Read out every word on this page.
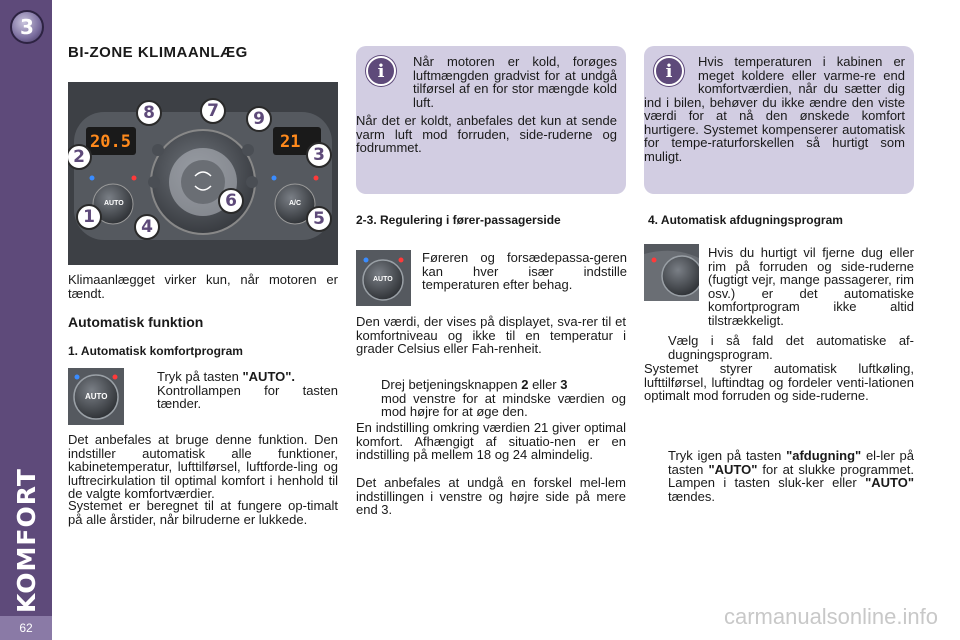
3
KOMFORT
62
BI-ZONE KLIMAANLÆG
20.5	21
AUTO	A/C
8	7	9
2	3
1	4
6
5
Klimaanlægget virker kun, når motoren er tændt.
Automatisk funktion
1. Automatisk komfortprogram
AUTO
Tryk på tasten "AUTO".
Kontrollampen for tasten tænder.
Det anbefales at bruge denne funktion. Den indstiller automatisk alle funktioner, kabinetemperatur, lufttilførsel, luftforde-ling og luftrecirkulation til optimal komfort i henhold til de valgte komfortværdier.
Systemet er beregnet til at fungere op-timalt på alle årstider, når bilruderne er lukkede.
i	Når motoren er kold, forøges luftmængden gradvist for at undgå tilførsel af en for stor mængde kold luft.
Når det er koldt, anbefales det kun at sende varm luft mod forruden, side-ruderne og fodrummet.
2-3. Regulering i fører-passagerside
AUTO
Føreren og forsædepassa-geren kan hver især indstille temperaturen efter behag.
Den værdi, der vises på displayet, sva-rer til et komfortniveau og ikke til en temperatur i grader Celsius eller Fah-renheit.
Drej betjeningsknappen 2 eller 3
mod venstre for at mindske værdien og mod højre for at øge den.
En indstilling omkring værdien 21 giver optimal komfort. Afhængigt af situatio-nen er en indstilling på mellem 18 og 24 almindelig.
Det anbefales at undgå en forskel mel-lem indstillingen i venstre og højre side på mere end 3.
i	Hvis temperaturen i kabinen er meget koldere eller varme-re end komfortværdien, når du sætter dig ind i bilen, behøver du ikke ændre den viste værdi for at nå den ønskede komfort hurtigere. Systemet kompenserer automatisk for tempe-raturforskellen så hurtigt som muligt.
4. Automatisk afdugningsprogram
Hvis du hurtigt vil fjerne dug eller rim på forruden og side-ruderne (fugtigt vejr, mange passagerer, rim osv.) er det automatiske komfortprogram ikke altid tilstrækkeligt.
Vælg i så fald det automatiske af-dugningsprogram.
Systemet styrer automatisk luftkøling, lufttilførsel, luftindtag og fordeler venti-lationen optimalt mod forruden og side-ruderne.
Tryk igen på tasten "afdugning" el-ler på tasten "AUTO" for at slukke programmet. Lampen i tasten sluk-ker eller "AUTO" tændes.
carmanualsonline.info
